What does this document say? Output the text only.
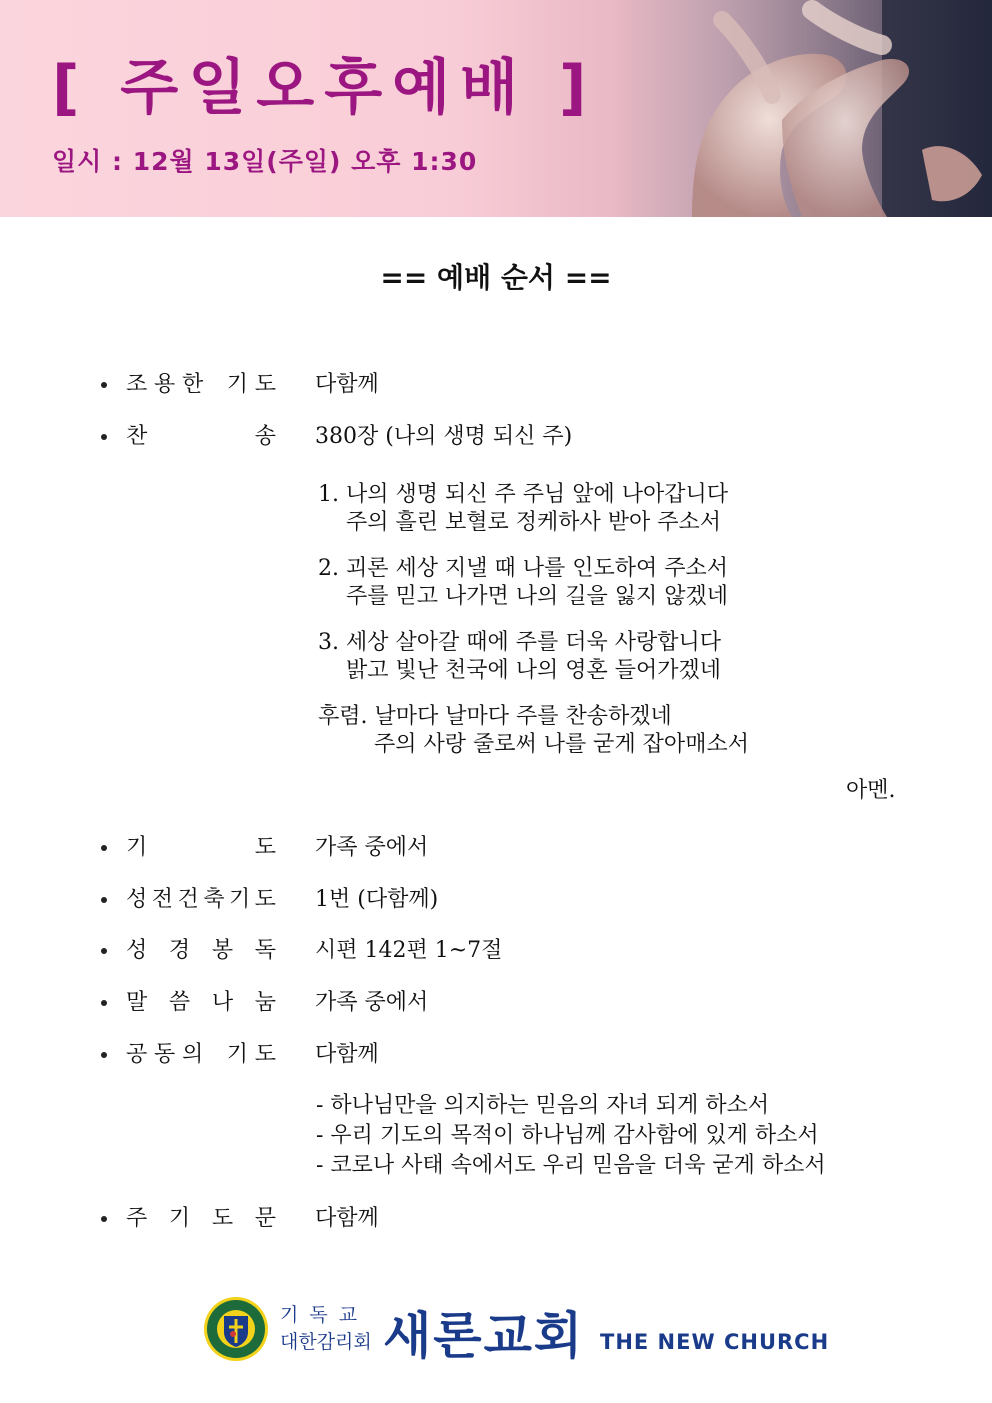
[ 주일오후예배 ]
일시 : 12월 13일(주일) 오후 1:30
== 예배 순서 ==
조 용 한 기 도 다함께
찬	송 380장 (나의 생명 되신 주)
1. 나의 생명 되신 주 주님 앞에 나아갑니다
주의 흘린 보혈로 정케하사 받아 주소서
2. 괴론 세상 지낼 때 나를 인도하여 주소서
주를 믿고 나가면 나의 길을 잃지 않겠네
3. 세상 살아갈 때에 주를 더욱 사랑합니다
밝고 빛난 천국에 나의 영혼 들어가겠네
후렴. 날마다 날마다 주를 찬송하겠네
주의 사랑 줄로써 나를 굳게 잡아매소서
아멘.
기	도 가족 중에서
성 전 건 축 기 도 1번 (다함께)
성 경 봉 독 시편 142편 1~7절
말 씀 나 눔 가족 중에서
공 동 의 기 도 다함께
- 하나님만을 의지하는 믿음의 자녀 되게 하소서
- 우리 기도의 목적이 하나님께 감사함에 있게 하소서
- 코로나 사태 속에서도 우리 믿음을 더욱 굳게 하소서
주 기 도 문 다함께
기독교
대한감리회 새론교회 THE NEW CHURCH
